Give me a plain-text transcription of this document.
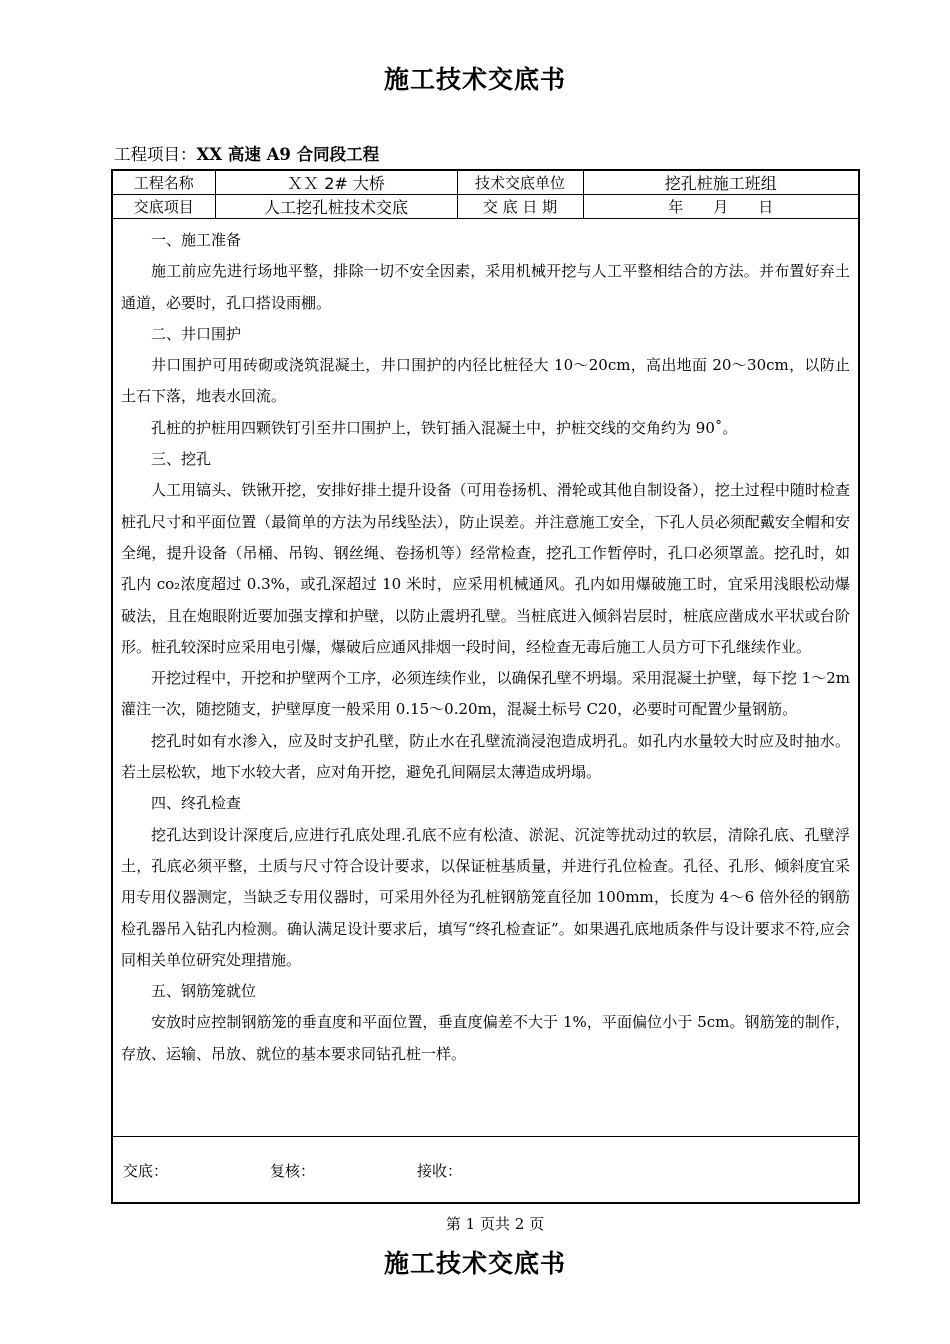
施工技术交底书
工程项目：XX 高速 A9 合同段工程
工程名称	ＸＸ 2# 大桥	技术交底单位	挖孔桩施工班组
交底项目	人工挖孔桩技术交底	交 底 日 期	年　　月　　日

一、施工准备

施工前应先进行场地平整，排除一切不安全因素，采用机械开挖与人工平整相结合的方法。并布置好弃土通道，必要时，孔口搭设雨棚。

二、井口围护

井口围护可用砖砌或浇筑混凝土，井口围护的内径比桩径大 10～20cm，高出地面 20～30cm，以防止土石下落，地表水回流。

孔桩的护桩用四颗铁钉引至井口围护上，铁钉插入混凝土中，护桩交线的交角约为 90˚。

三、挖孔

人工用镐头、铁锹开挖，安排好排土提升设备（可用卷扬机、滑轮或其他自制设备），挖土过程中随时检查桩孔尺寸和平面位置（最简单的方法为吊线坠法），防止误差。并注意施工安全，下孔人员必须配戴安全帽和安全绳，提升设备（吊桶、吊钩、钢丝绳、卷扬机等）经常检查，挖孔工作暂停时，孔口必须罩盖。挖孔时，如孔内 co₂浓度超过 0.3%，或孔深超过 10 米时，应采用机械通风。孔内如用爆破施工时，宜采用浅眼松动爆破法，且在炮眼附近要加强支撑和护壁，以防止震坍孔壁。当桩底进入倾斜岩层时，桩底应凿成水平状或台阶形。桩孔较深时应采用电引爆，爆破后应通风排烟一段时间，经检查无毒后施工人员方可下孔继续作业。

开挖过程中，开挖和护壁两个工序，必须连续作业，以确保孔壁不坍塌。采用混凝土护壁，每下挖 1～2m 灌注一次，随挖随支，护壁厚度一般采用 0.15～0.20m，混凝土标号 C20，必要时可配置少量钢筋。

挖孔时如有水渗入，应及时支护孔壁，防止水在孔壁流淌浸泡造成坍孔。如孔内水量较大时应及时抽水。若土层松软，地下水较大者，应对角开挖，避免孔间隔层太薄造成坍塌。

四、终孔检查

挖孔达到设计深度后,应进行孔底处理.孔底不应有松渣、淤泥、沉淀等扰动过的软层，清除孔底、孔壁浮土，孔底必须平整，土质与尺寸符合设计要求，以保证桩基质量，并进行孔位检查。孔径、孔形、倾斜度宜采用专用仪器测定，当缺乏专用仪器时，可采用外径为孔桩钢筋笼直径加 100mm，长度为 4～6 倍外径的钢筋检孔器吊入钻孔内检测。确认满足设计要求后，填写“终孔检查证”。如果遇孔底地质条件与设计要求不符,应会同相关单位研究处理措施。

五、钢筋笼就位

安放时应控制钢筋笼的垂直度和平面位置，垂直度偏差不大于 1%，平面偏位小于 5cm。钢筋笼的制作，存放、运输、吊放、就位的基本要求同钻孔桩一样。

交底：	复核：	接收：
第 1 页共 2 页
施工技术交底书
